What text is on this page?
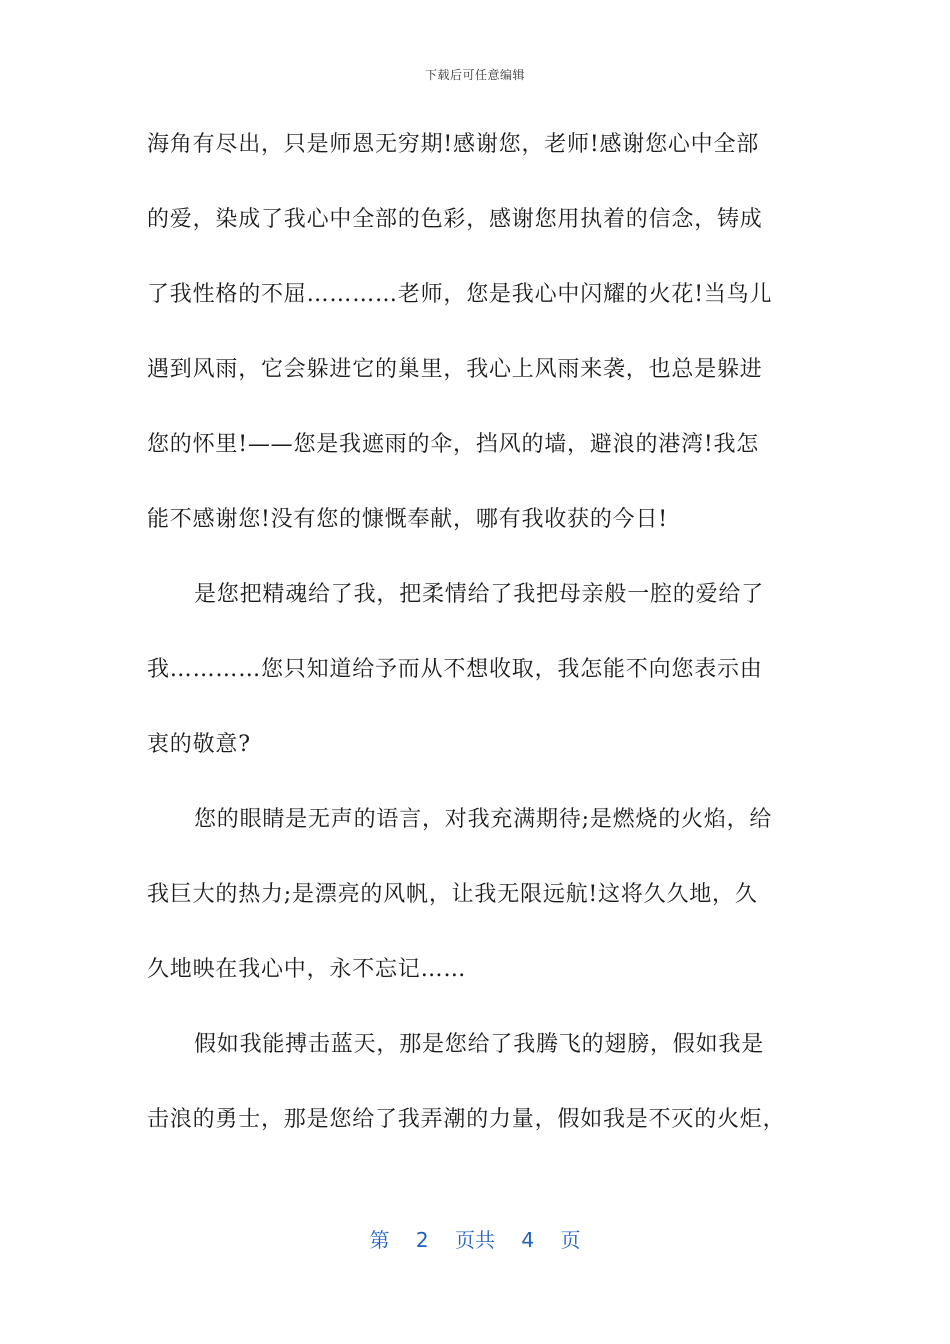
下载后可任意编辑
海角有尽出，只是师恩无穷期!感谢您，老师!感谢您心中全部
的爱，染成了我心中全部的色彩，感谢您用执着的信念，铸成
了我性格的不屈…………老师，您是我心中闪耀的火花!当鸟儿
遇到风雨，它会躲进它的巢里，我心上风雨来袭，也总是躲进
您的怀里!——您是我遮雨的伞，挡风的墙，避浪的港湾!我怎
能不感谢您!没有您的慷慨奉献，哪有我收获的今日!
是您把精魂给了我，把柔情给了我把母亲般一腔的爱给了
我…………您只知道给予而从不想收取，我怎能不向您表示由
衷的敬意?
您的眼睛是无声的语言，对我充满期待;是燃烧的火焰，给
我巨大的热力;是漂亮的风帆，让我无限远航!这将久久地，久
久地映在我心中，永不忘记……
假如我能搏击蓝天，那是您给了我腾飞的翅膀，假如我是
击浪的勇士，那是您给了我弄潮的力量，假如我是不灭的火炬，
第 2 页共 4 页
